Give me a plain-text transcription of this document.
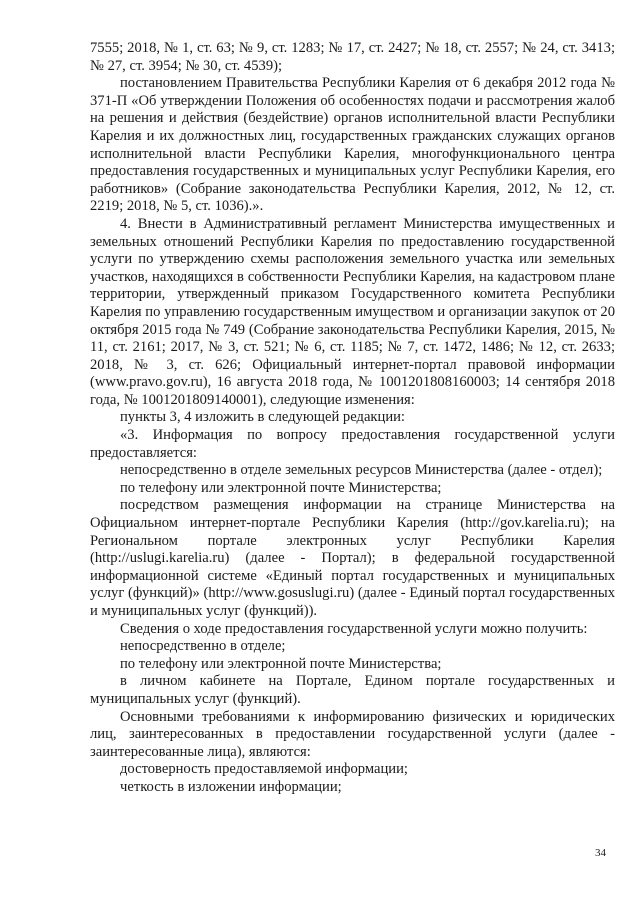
7555; 2018, № 1, ст. 63; № 9, ст. 1283; № 17, ст. 2427; № 18, ст. 2557; № 24, ст. 3413; № 27, ст. 3954; № 30, ст. 4539);

постановлением Правительства Республики Карелия от 6 декабря 2012 года № 371-П «Об утверждении Положения об особенностях подачи и рассмотрения жалоб на решения и действия (бездействие) органов исполнительной власти Республики Карелия и их должностных лиц, государственных гражданских служащих органов исполнительной власти Республики Карелия, многофункционального центра предоставления государственных и муниципальных услуг Республики Карелия, его работников» (Собрание законодательства Республики Карелия, 2012, № 12, ст. 2219; 2018, № 5, ст. 1036).».

4. Внести в Административный регламент Министерства имущественных и земельных отношений Республики Карелия по предоставлению государственной услуги по утверждению схемы расположения земельного участка или земельных участков, находящихся в собственности Республики Карелия, на кадастровом плане территории, утвержденный приказом Государственного комитета Республики Карелия по управлению государственным имуществом и организации закупок от 20 октября 2015 года № 749 (Собрание законодательства Республики Карелия, 2015, № 11, ст. 2161; 2017, № 3, ст. 521; № 6, ст. 1185; № 7, ст. 1472, 1486; № 12, ст. 2633; 2018, № 3, ст. 626; Официальный интернет-портал правовой информации (www.pravo.gov.ru), 16 августа 2018 года, № 1001201808160003; 14 сентября 2018 года, № 1001201809140001), следующие изменения:

пункты 3, 4 изложить в следующей редакции:

«3. Информация по вопросу предоставления государственной услуги предоставляется:

непосредственно в отделе земельных ресурсов Министерства (далее - отдел);

по телефону или электронной почте Министерства;

посредством размещения информации на странице Министерства на Официальном интернет-портале Республики Карелия (http://gov.karelia.ru); на Региональном портале электронных услуг Республики Карелия (http://uslugi.karelia.ru) (далее - Портал); в федеральной государственной информационной системе «Единый портал государственных и муниципальных услуг (функций)» (http://www.gosuslugi.ru) (далее - Единый портал государственных и муниципальных услуг (функций)).

Сведения о ходе предоставления государственной услуги можно получить:

непосредственно в отделе;

по телефону или электронной почте Министерства;

в личном кабинете на Портале, Едином портале государственных и муниципальных услуг (функций).

Основными требованиями к информированию физических и юридических лиц, заинтересованных в предоставлении государственной услуги (далее - заинтересованные лица), являются:

достоверность предоставляемой информации;

четкость в изложении информации;

34
